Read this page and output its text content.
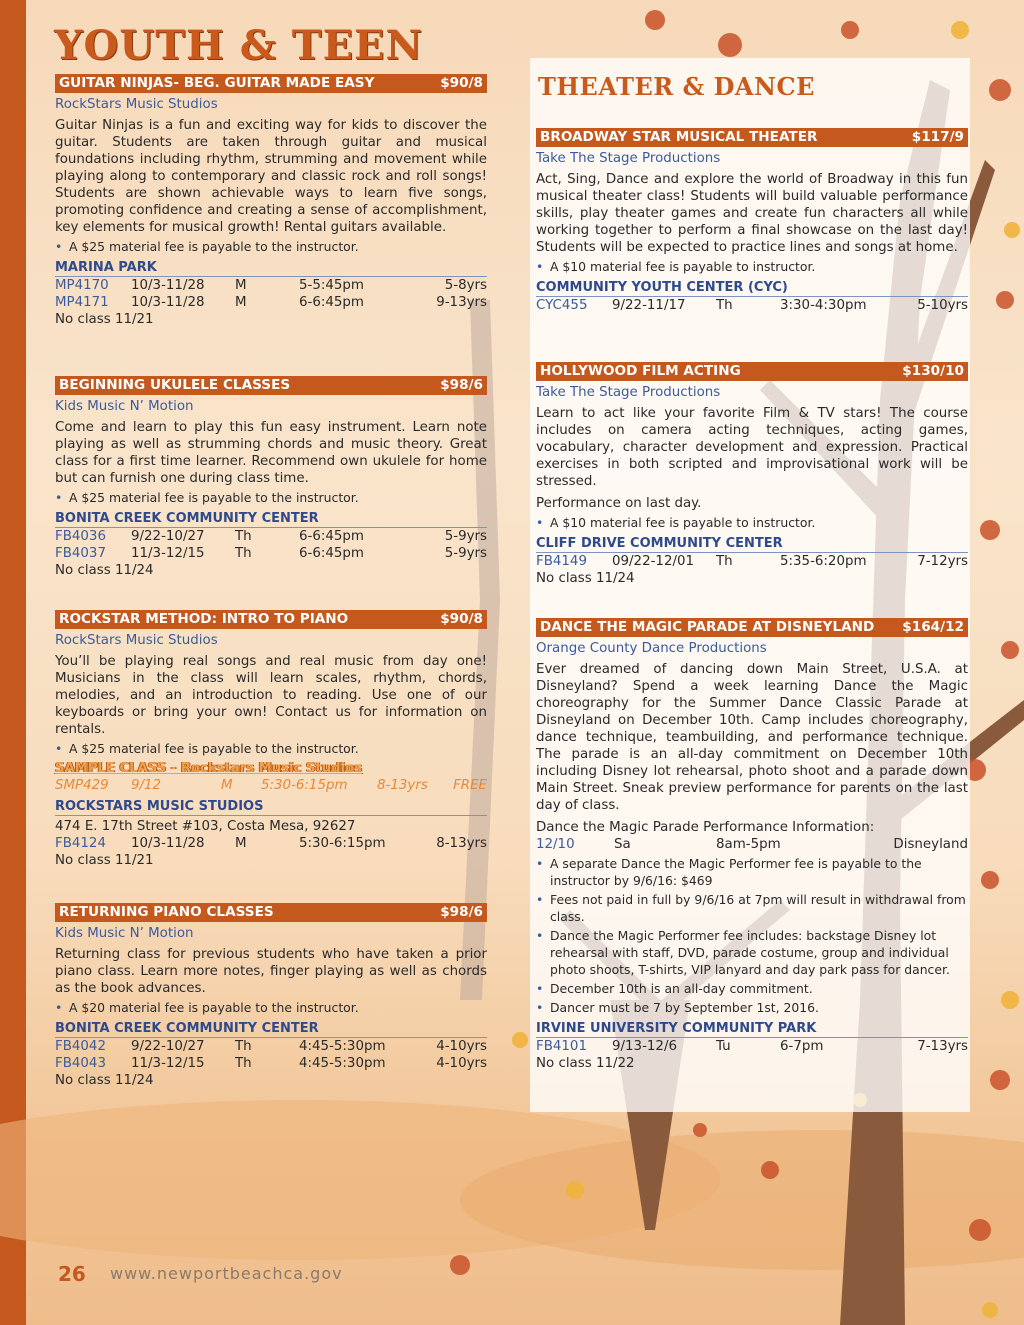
YOUTH & TEEN
THEATER & DANCE
GUITAR NINJAS- BEG. GUITAR MADE EASY	$90/8
RockStars Music Studios

Guitar Ninjas is a fun and exciting way for kids to discover the guitar. Students are taken through guitar and musical foundations including rhythm, strumming and movement while playing along to contemporary and classic rock and roll songs! Students are shown achievable ways to learn five songs, promoting confidence and creating a sense of accomplishment, key elements for musical growth! Rental guitars available.

• A $25 material fee is payable to the instructor.
MARINA PARK
MP4170	10/3-11/28	M	5-5:45pm	5-8yrs
MP4171	10/3-11/28	M	6-6:45pm	9-13yrs
No class 11/21
BEGINNING UKULELE CLASSES	$98/6
Kids Music N’ Motion

Come and learn to play this fun easy instrument. Learn note playing as well as strumming chords and music theory. Great class for a first time learner. Recommend own ukulele for home but can furnish one during class time.

• A $25 material fee is payable to the instructor.
BONITA CREEK COMMUNITY CENTER
FB4036	9/22-10/27	Th	6-6:45pm	5-9yrs
FB4037	11/3-12/15	Th	6-6:45pm	5-9yrs
No class 11/24
ROCKSTAR METHOD: INTRO TO PIANO	$90/8
RockStars Music Studios

You’ll be playing real songs and real music from day one! Musicians in the class will learn scales, rhythm, chords, melodies, and an introduction to reading. Use one of our keyboards or bring your own! Contact us for information on rentals.

• A $25 material fee is payable to the instructor.
SAMPLE CLASS - Rockstars Music Studios
SMP429	9/12	M	5:30-6:15pm	8-13yrs	FREE
ROCKSTARS MUSIC STUDIOS
474 E. 17th Street #103, Costa Mesa, 92627
FB4124	10/3-11/28	M	5:30-6:15pm	8-13yrs
No class 11/21
RETURNING PIANO CLASSES	$98/6
Kids Music N’ Motion

Returning class for previous students who have taken a prior piano class. Learn more notes, finger playing as well as chords as the book advances.

• A $20 material fee is payable to the instructor.
BONITA CREEK COMMUNITY CENTER
FB4042	9/22-10/27	Th	4:45-5:30pm	4-10yrs
FB4043	11/3-12/15	Th	4:45-5:30pm	4-10yrs
No class 11/24
BROADWAY STAR MUSICAL THEATER	$117/9
Take The Stage Productions

Act, Sing, Dance and explore the world of Broadway in this fun musical theater class! Students will build valuable performance skills, play theater games and create fun characters all while working together to perform a final showcase on the last day! Students will be expected to practice lines and songs at home.

• A $10 material fee is payable to instructor.
COMMUNITY YOUTH CENTER (CYC)
CYC455	9/22-11/17	Th	3:30-4:30pm	5-10yrs
HOLLYWOOD FILM ACTING	$130/10
Take The Stage Productions

Learn to act like your favorite Film & TV stars! The course includes on camera acting techniques, acting games, vocabulary, character development and expression. Practical exercises in both scripted and improvisational work will be stressed.

Performance on last day.
• A $10 material fee is payable to instructor.
CLIFF DRIVE COMMUNITY CENTER
FB4149	09/22-12/01	Th	5:35-6:20pm	7-12yrs
No class 11/24
DANCE THE MAGIC PARADE AT DISNEYLAND $164/12
Orange County Dance Productions

Ever dreamed of dancing down Main Street, U.S.A. at Disneyland? Spend a week learning Dance the Magic choreography for the Summer Dance Classic Parade at Disneyland on December 10th. Camp includes choreography, dance technique, teambuilding, and performance technique. The parade is an all-day commitment on December 10th including Disney lot rehearsal, photo shoot and a parade down Main Street. Sneak preview performance for parents on the last day of class.

Dance the Magic Parade Performance Information:
12/10	Sa	8am-5pm	Disneyland
• A separate Dance the Magic Performer fee is payable to the instructor by 9/6/16: $469
• Fees not paid in full by 9/6/16 at 7pm will result in withdrawal from class.
• Dance the Magic Performer fee includes: backstage Disney lot rehearsal with staff, DVD, parade costume, group and individual photo shoots, T-shirts, VIP lanyard and day park pass for dancer.
• December 10th is an all-day commitment.
• Dancer must be 7 by September 1st, 2016.
IRVINE UNIVERSITY COMMUNITY PARK
FB4101	9/13-12/6	Tu	6-7pm	7-13yrs
No class 11/22
26 www.newportbeachca.gov
